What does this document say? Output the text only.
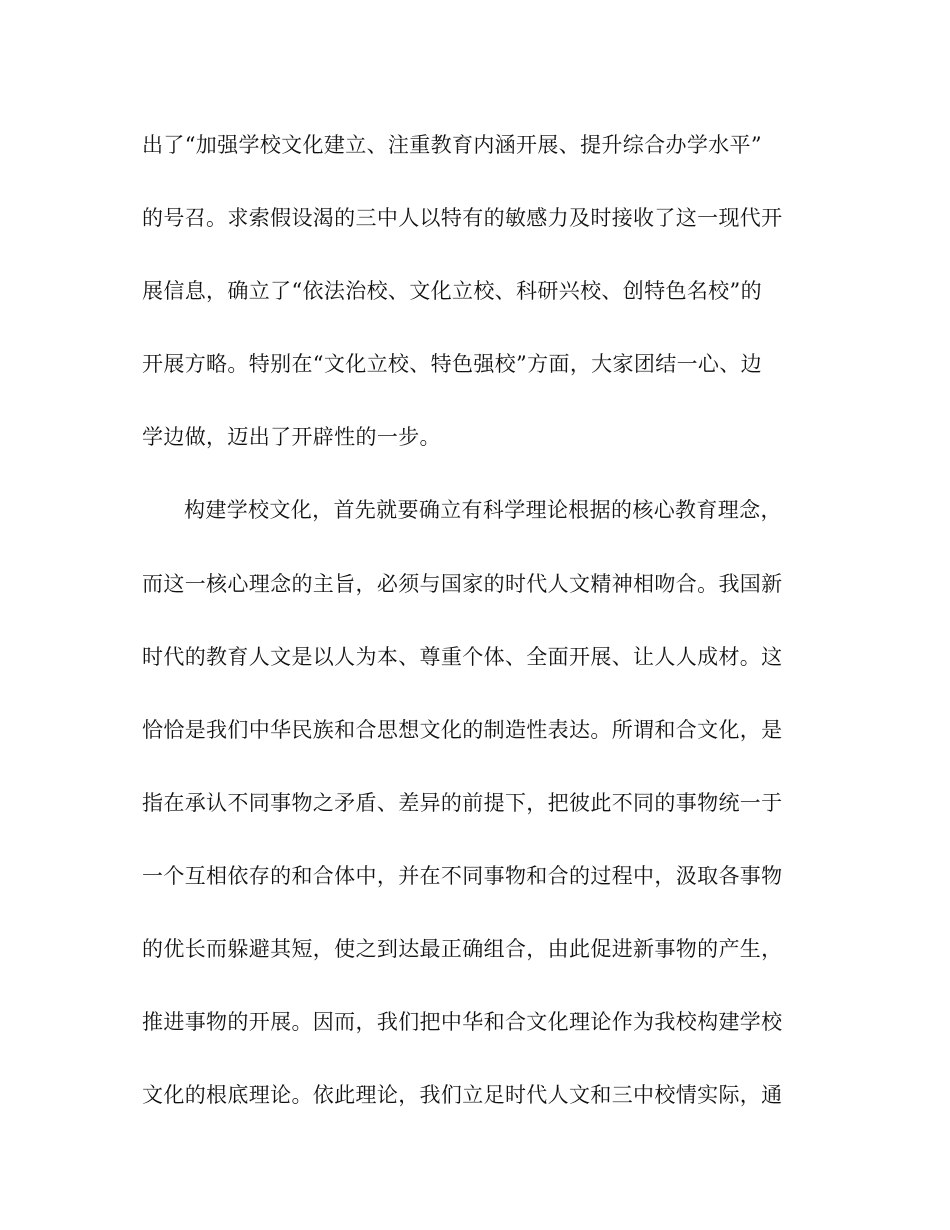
出了“加强学校文化建立、注重教育内涵开展、提升综合办学水平”
的号召。求索假设渴的三中人以特有的敏感力及时接收了这一现代开
展信息，确立了“依法治校、文化立校、科研兴校、创特色名校”的
开展方略。特别在“文化立校、特色强校”方面，大家团结一心、边
学边做，迈出了开辟性的一步。
构建学校文化，首先就要确立有科学理论根据的核心教育理念，
而这一核心理念的主旨，必须与国家的时代人文精神相吻合。我国新
时代的教育人文是以人为本、尊重个体、全面开展、让人人成材。这
恰恰是我们中华民族和合思想文化的制造性表达。所谓和合文化，是
指在承认不同事物之矛盾、差异的前提下，把彼此不同的事物统一于
一个互相依存的和合体中，并在不同事物和合的过程中，汲取各事物
的优长而躲避其短，使之到达最正确组合，由此促进新事物的产生，
推进事物的开展。因而，我们把中华和合文化理论作为我校构建学校
文化的根底理论。依此理论，我们立足时代人文和三中校情实际，通
